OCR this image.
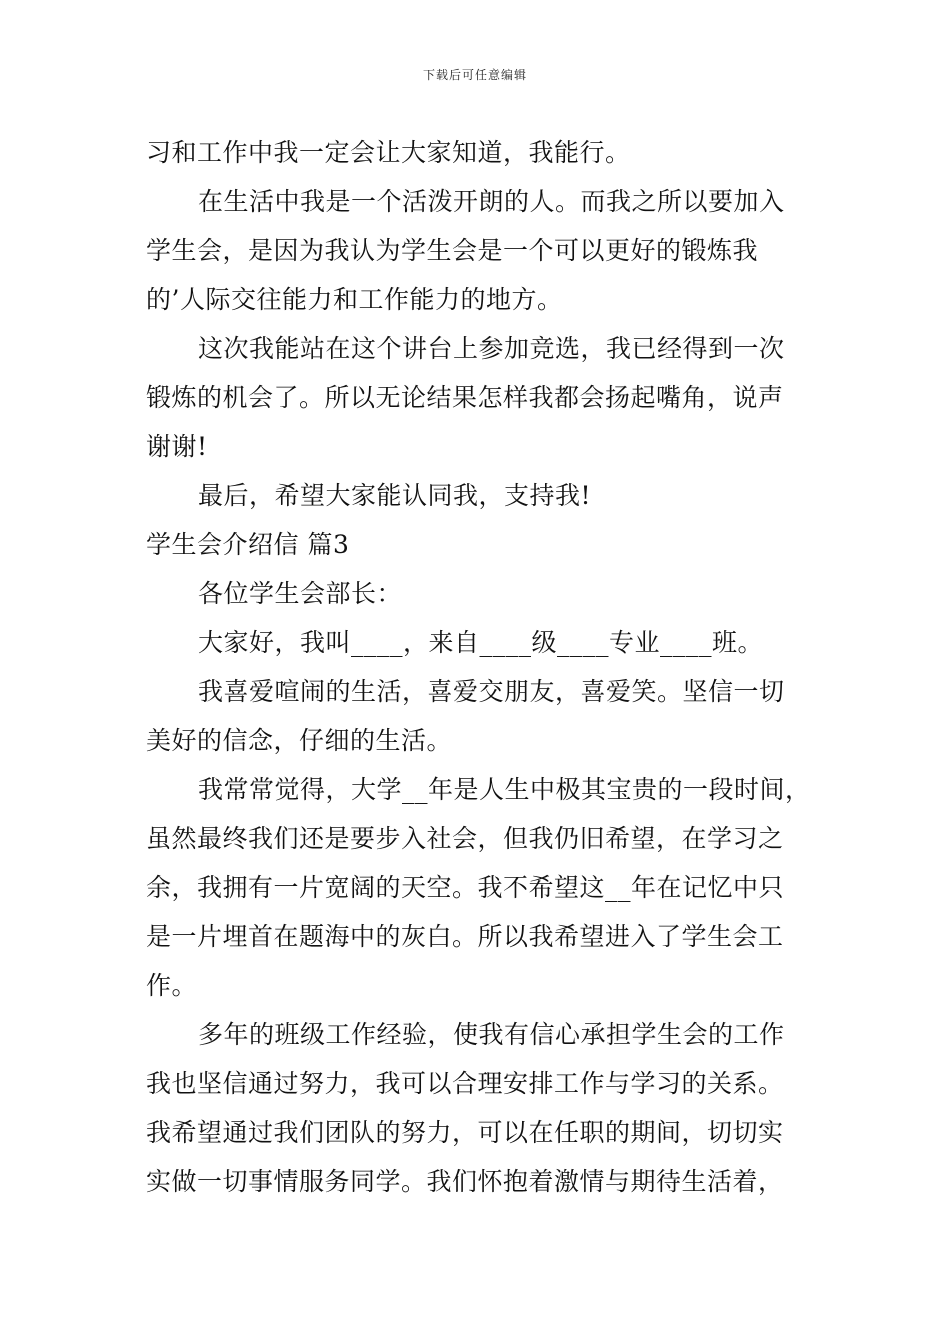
下载后可任意编辑
习和工作中我一定会让大家知道，我能行。
在生活中我是一个活泼开朗的人。而我之所以要加入
学生会，是因为我认为学生会是一个可以更好的锻炼我
的’人际交往能力和工作能力的地方。
这次我能站在这个讲台上参加竞选，我已经得到一次
锻炼的机会了。所以无论结果怎样我都会扬起嘴角，说声
谢谢!
最后，希望大家能认同我，支持我!
学生会介绍信 篇3
各位学生会部长：
大家好，我叫____，来自____级____专业____班。
我喜爱喧闹的生活，喜爱交朋友，喜爱笑。坚信一切
美好的信念，仔细的生活。
我常常觉得，大学__年是人生中极其宝贵的一段时间，
虽然最终我们还是要步入社会，但我仍旧希望，在学习之
余，我拥有一片宽阔的天空。我不希望这__年在记忆中只
是一片埋首在题海中的灰白。所以我希望进入了学生会工
作。
多年的班级工作经验，使我有信心承担学生会的工作
我也坚信通过努力，我可以合理安排工作与学习的关系。
我希望通过我们团队的努力，可以在任职的期间，切切实
实做一切事情服务同学。我们怀抱着激情与期待生活着，
